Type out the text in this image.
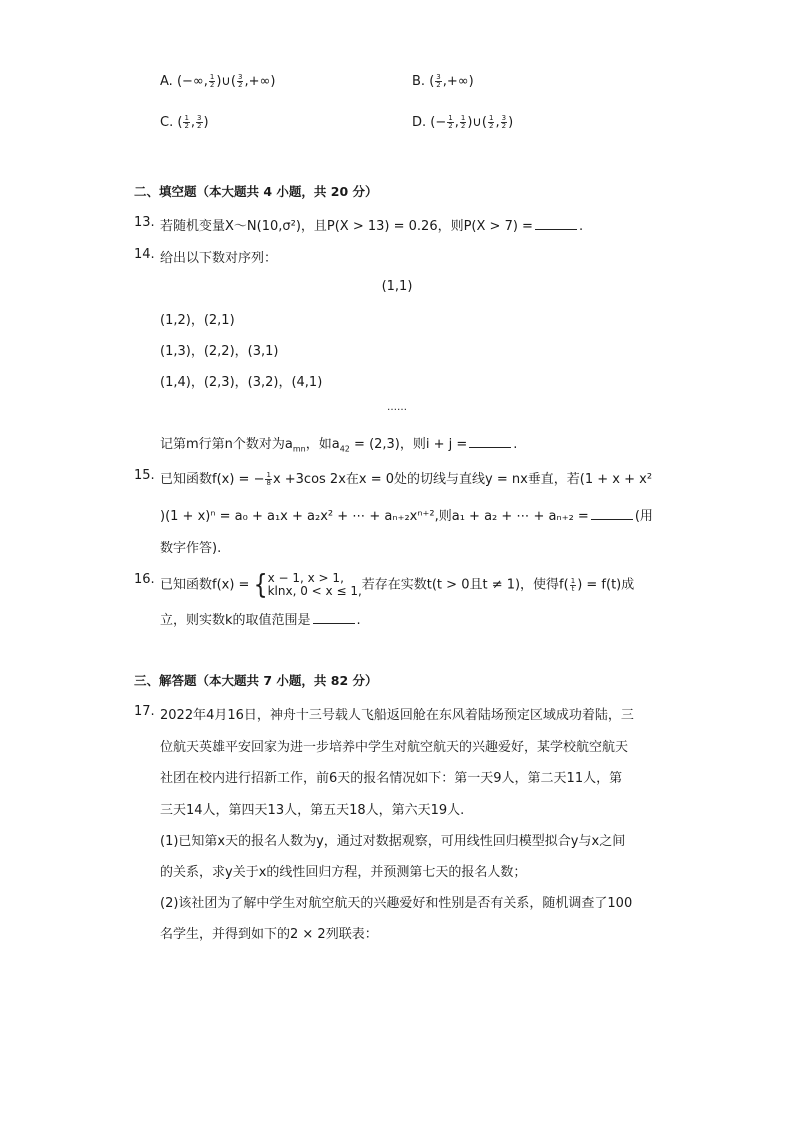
A. (−∞, $\frac{1}{2}$ )∪( $\frac{3}{2}$ ,+∞)	B. ( $\frac{3}{2}$ ,+∞)
C. ( $\frac{1}{2}$ , $\frac{3}{2}$ )	D. (− $\frac{1}{2}$ , $\frac{1}{2}$ )∪( $\frac{1}{2}$ , $\frac{3}{2}$ )
二、填空题（本大题共 4 小题，共 20 分）
13. 若随机变量X～N(10,σ²)，且P(X > 13) = 0.26，则P(X > 7) =	.
14. 给出以下数对序列：
(1,1)
(1,2)，(2,1)
(1,3)，(2,2)，(3,1)
(1,4)，(2,3)，(3,2)，(4,1)
……
记第m行第n个数对为$a_{mn}$，如$a_{42} = (2,3)$，则i + j =	.
15. 已知函数f(x) = − $\frac{1}{8}$ x +3cos 2x在x = 0处的切线与直线y = nx垂直，若(1 + x + x²
)(1 + x)ⁿ = a₀ + a₁x + a₂x² + ⋯ + aₙ₊₂xⁿ⁺²,则a₁ + a₂ + ⋯ + aₙ₊₂ =	(用
数字作答).
16. 已知函数f(x) = { x − 1, x > 1,
klnx, 0 < x ≤ 1, 若存在实数t(t > 0且t ≠ 1)，使得$f( \frac{1}{t}$ ) = f(t)成
立，则实数k的取值范围是	.
三、解答题（本大题共 7 小题，共 82 分）
17. 2022年4月16日，神舟十三号载人飞船返回舱在东风着陆场预定区域成功着陆，三
位航天英雄平安回家为进一步培养中学生对航空航天的兴趣爱好，某学校航空航天
社团在校内进行招新工作，前6天的报名情况如下：第一天9人，第二天11人，第
三天14人，第四天13人，第五天18人，第六天19人.
(1)已知第x天的报名人数为y，通过对数据观察，可用线性回归模型拟合y与x之间
的关系，求y关于x的线性回归方程，并预测第七天的报名人数；
(2)该社团为了解中学生对航空航天的兴趣爱好和性别是否有关系，随机调查了100
名学生，并得到如下的2 × 2列联表：
